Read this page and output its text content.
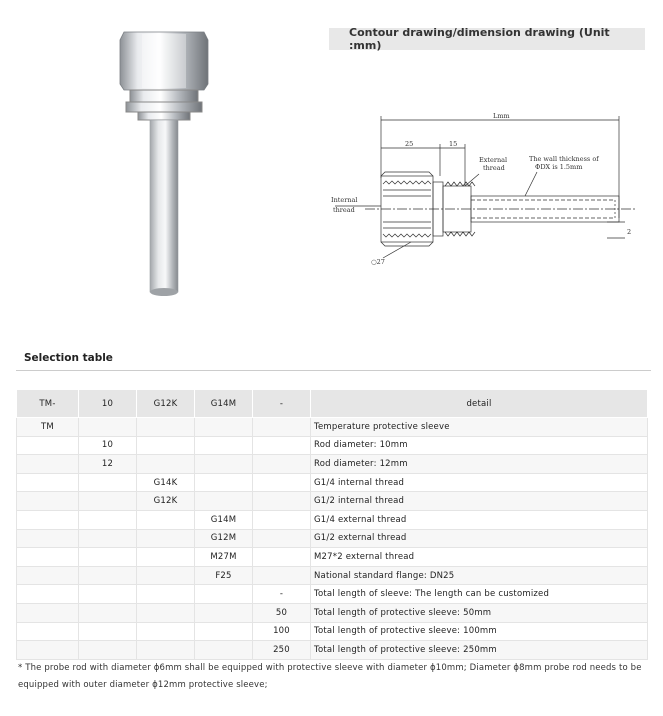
Contour drawing/dimension drawing (Unit :mm)
Lmm
25	15
External
thread
The wall thickness of
ΦDX is 1.5mm
Internal
thread
○27
2
Selection table
TM-	10	G12K	G14M	-	detail
TM					Temperature protective sleeve
	10				Rod diameter: 10mm
	12				Rod diameter: 12mm
		G14K			G1/4 internal thread
		G12K			G1/2 internal thread
			G14M		G1/4 external thread
			G12M		G1/2 external thread
			M27M		M27*2 external thread
			F25		National standard flange: DN25
				-	Total length of sleeve: The length can be customized
				50	Total length of protective sleeve: 50mm
				100	Total length of protective sleeve: 100mm
				250	Total length of protective sleeve: 250mm
* The probe rod with diameter ϕ6mm shall be equipped with protective sleeve with diameter ϕ10mm; Diameter ϕ8mm probe rod needs to be equipped with outer diameter ϕ12mm protective sleeve;
